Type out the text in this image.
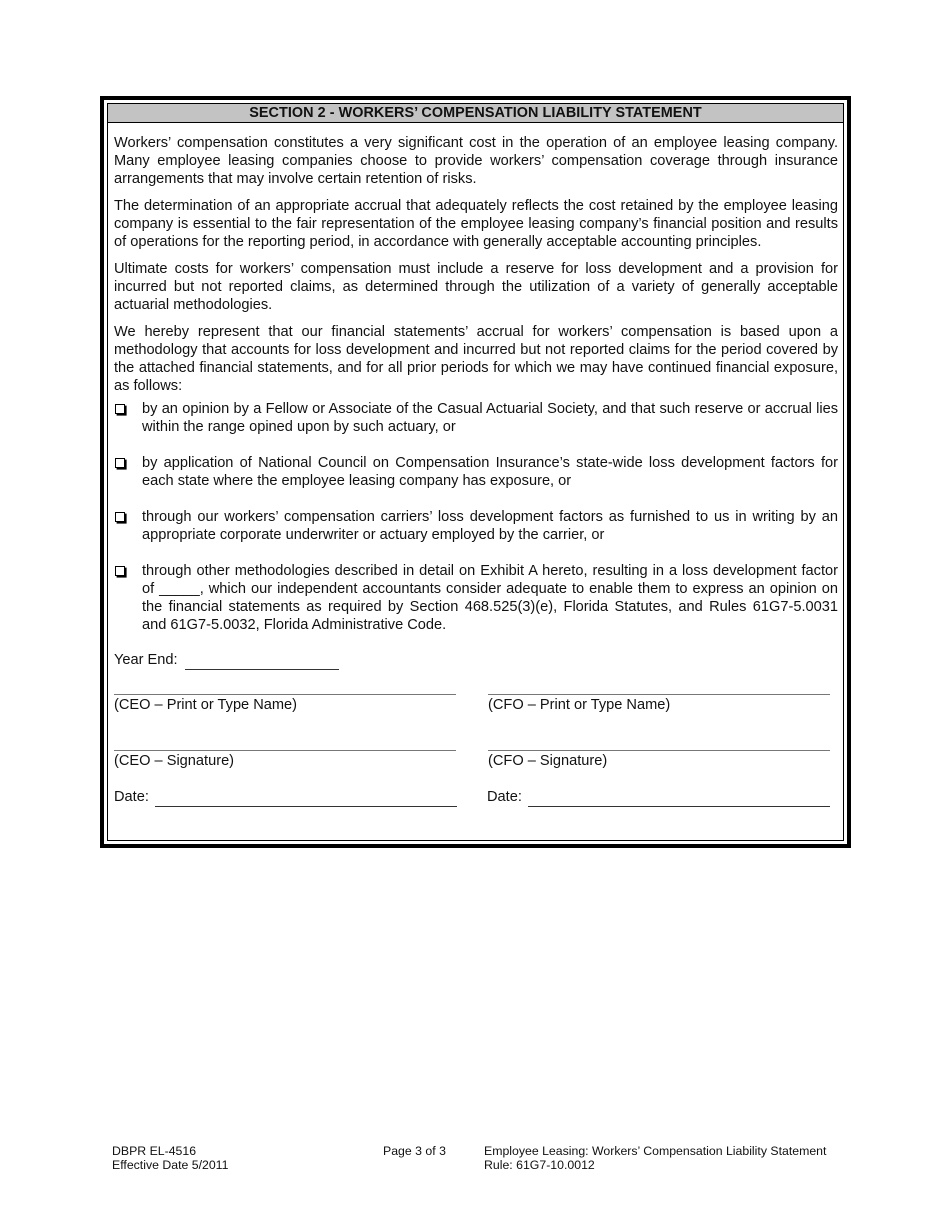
SECTION 2 - WORKERS’ COMPENSATION LIABILITY STATEMENT

Workers’ compensation constitutes a very significant cost in the operation of an employee leasing company. Many employee leasing companies choose to provide workers’ compensation coverage through insurance arrangements that may involve certain retention of risks.

The determination of an appropriate accrual that adequately reflects the cost retained by the employee leasing company is essential to the fair representation of the employee leasing company’s financial position and results of operations for the reporting period, in accordance with generally acceptable accounting principles.

Ultimate costs for workers’ compensation must include a reserve for loss development and a provision for incurred but not reported claims, as determined through the utilization of a variety of generally acceptable actuarial methodologies.

We hereby represent that our financial statements’ accrual for workers’ compensation is based upon a methodology that accounts for loss development and incurred but not reported claims for the period covered by the attached financial statements, and for all prior periods for which we may have continued financial exposure, as follows:

by an opinion by a Fellow or Associate of the Casual Actuarial Society, and that such reserve or accrual lies within the range opined upon by such actuary, or
by application of National Council on Compensation Insurance’s state-wide loss development factors for each state where the employee leasing company has exposure, or
through our workers’ compensation carriers’ loss development factors as furnished to us in writing by an appropriate corporate underwriter or actuary employed by the carrier, or
through other methodologies described in detail on Exhibit A hereto, resulting in a loss development factor of _____, which our independent accountants consider adequate to enable them to express an opinion on the financial statements as required by Section 468.525(3)(e), Florida Statutes, and Rules 61G7-5.0031 and 61G7-5.0032, Florida Administrative Code.
Year End:
(CEO – Print or Type Name)	(CFO – Print or Type Name)
(CEO – Signature)	(CFO – Signature)
Date:	Date:
DBPR EL-4516
Effective Date 5/2011
Page 3 of 3	Employee Leasing: Workers’ Compensation Liability Statement
Rule: 61G7-10.0012
